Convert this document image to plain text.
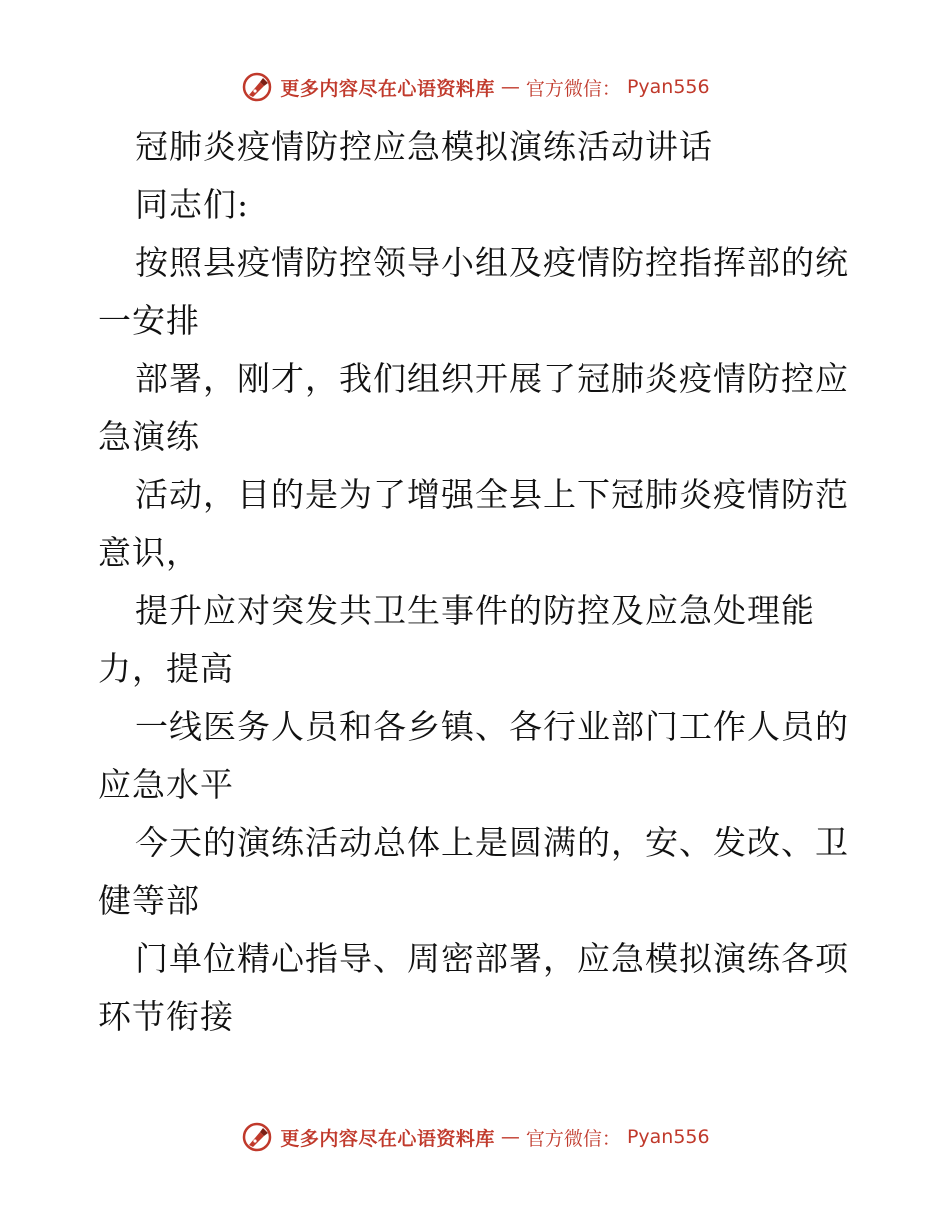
更多内容尽在心语资料库 — 官方微信： Pyan556
冠肺炎疫情防控应急模拟演练活动讲话
同志们:
按照县疫情防控领导小组及疫情防控指挥部的统
一安排
部署，刚才，我们组织开展了冠肺炎疫情防控应
急演练
活动，目的是为了增强全县上下冠肺炎疫情防范
意识，
提升应对突发共卫生事件的防控及应急处理能
力，提高
一线医务人员和各乡镇、各行业部门工作人员的
应急水平
今天的演练活动总体上是圆满的，安、发改、卫
健等部
门单位精心指导、周密部署，应急模拟演练各项
环节衔接
更多内容尽在心语资料库 — 官方微信： Pyan556
